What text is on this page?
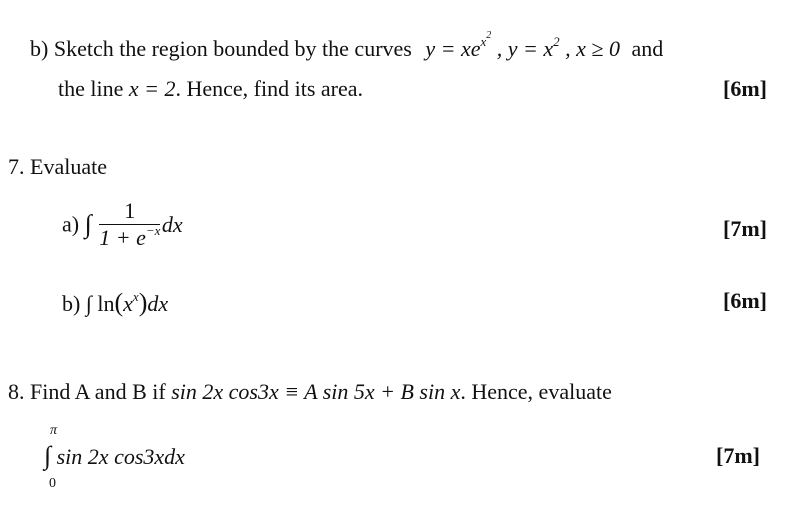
b) Sketch the region bounded by the curves $y = xe^{x^2}$ , $y = x^2$ , x ≥ 0 and
the line x = 2. Hence, find its area.	[6m]
7. Evaluate
a) ∫ $\frac{1}{1 + e^{-x}}$ dx	[7m]
b) ∫ $\ln(x^x)dx$	[6m]
8. Find A and B if sin 2x cos3x ≡ A sin 5x + B sin x. Hence, evaluate
π
∫ sin 2x cos3xdx
0
[7m]
